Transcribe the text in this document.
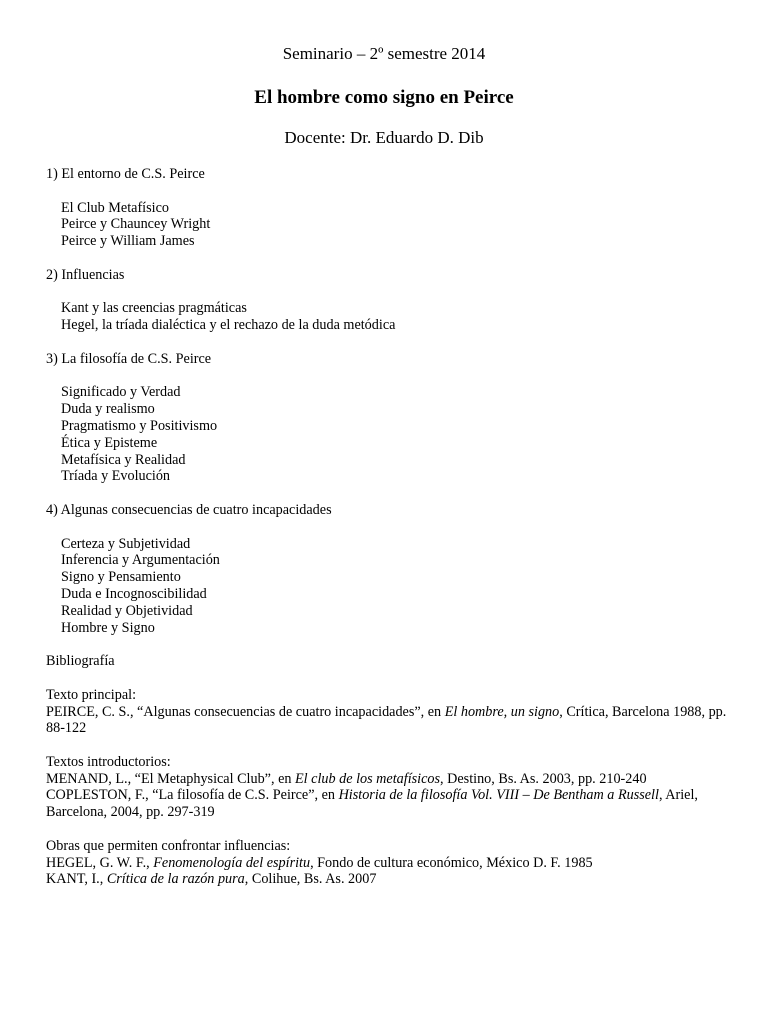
Seminario – 2º semestre 2014
El hombre como signo en Peirce
Docente: Dr. Eduardo D. Dib

1) El entorno de C.S. Peirce

El Club Metafísico
Peirce y Chauncey Wright
Peirce y William James

2) Influencias

Kant y las creencias pragmáticas
Hegel, la tríada dialéctica y el rechazo de la duda metódica

3) La filosofía de C.S. Peirce

Significado y Verdad
Duda y realismo
Pragmatismo y Positivismo
Ética y Episteme
Metafísica y Realidad
Tríada y Evolución

4) Algunas consecuencias de cuatro incapacidades

Certeza y Subjetividad
Inferencia y Argumentación
Signo y Pensamiento
Duda e Incognoscibilidad
Realidad y Objetividad
Hombre y Signo

Bibliografía

Texto principal:

PEIRCE, C. S., “Algunas consecuencias de cuatro incapacidades”, en El hombre, un signo, Crítica, Barcelona 1988, pp. 88-122

Textos introductorios:

MENAND, L., “El Metaphysical Club”, en El club de los metafísicos, Destino, Bs. As. 2003, pp. 210-240

COPLESTON, F., “La filosofía de C.S. Peirce”, en Historia de la filosofía Vol. VIII – De Bentham a Russell, Ariel, Barcelona, 2004, pp. 297-319

Obras que permiten confrontar influencias:

HEGEL, G. W. F., Fenomenología del espíritu, Fondo de cultura económico, México D. F. 1985

KANT, I., Crítica de la razón pura, Colihue, Bs. As. 2007
